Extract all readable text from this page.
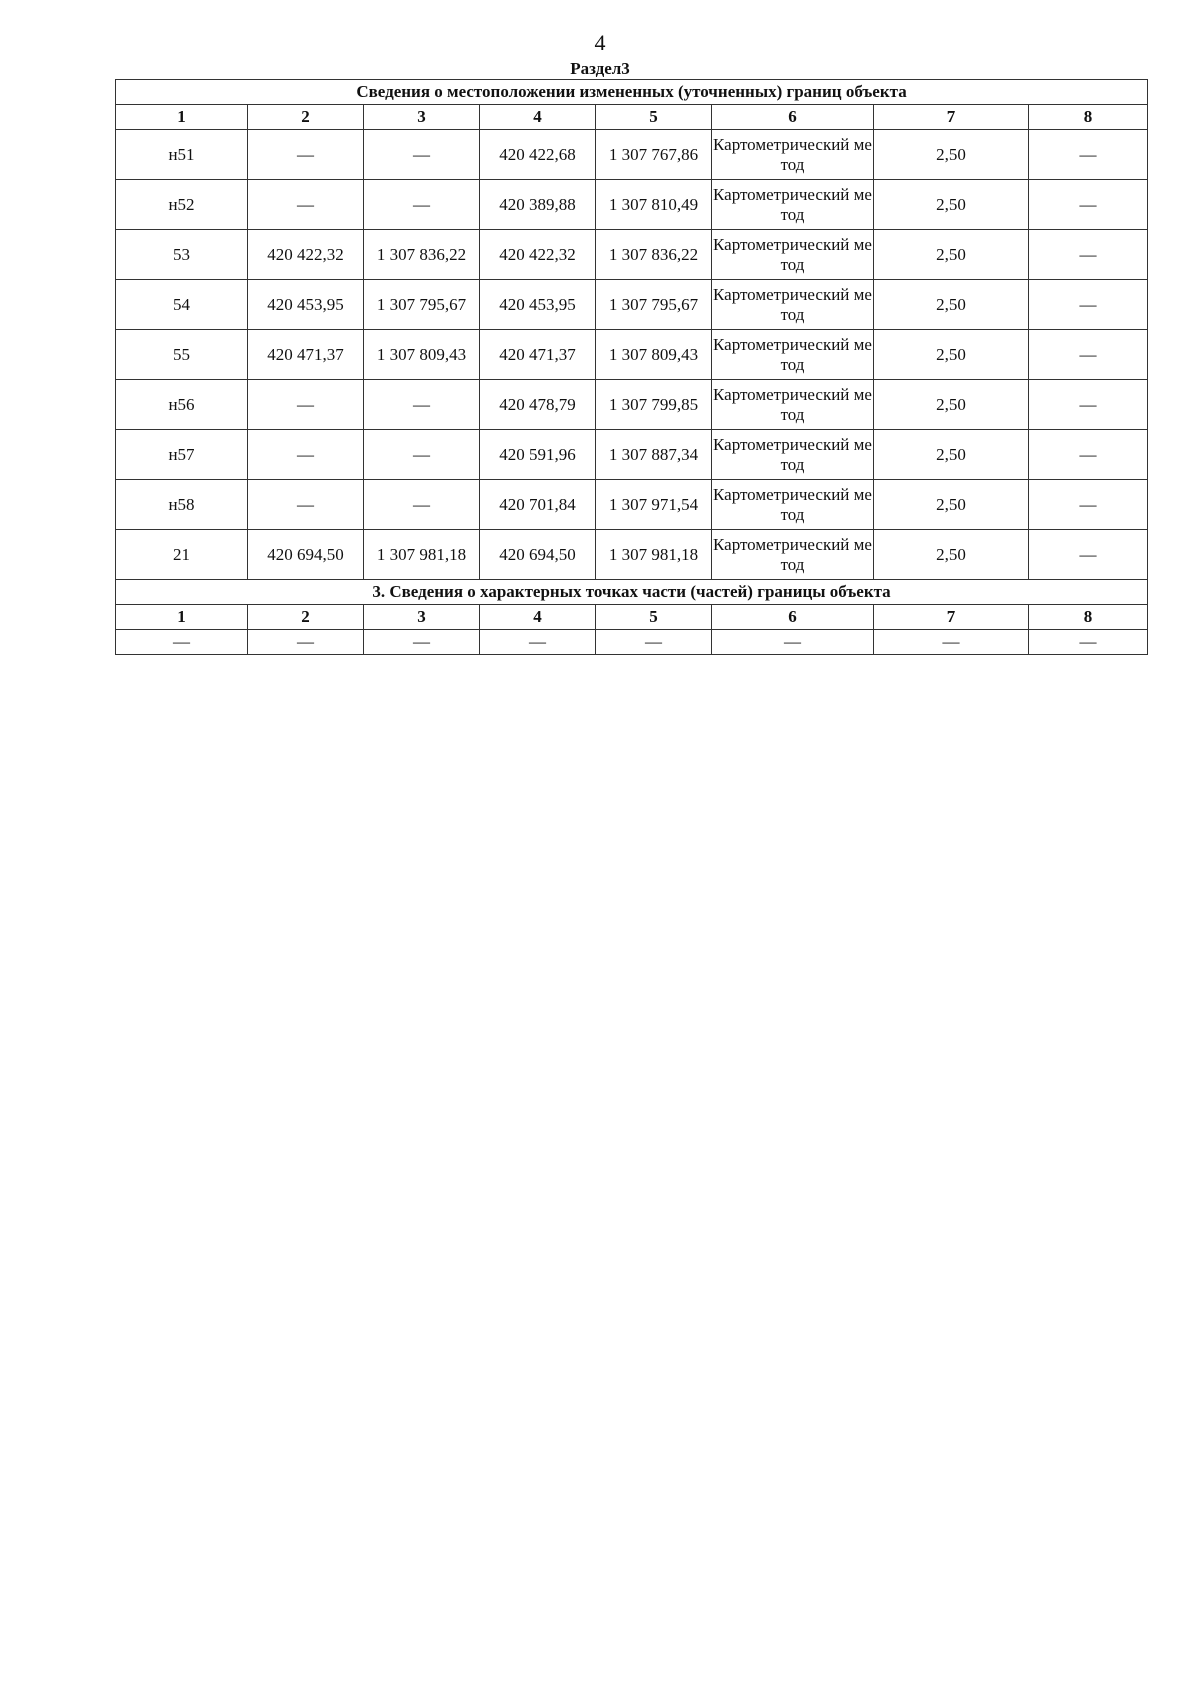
4
Раздел3
Сведения о местоположении измененных (уточненных) границ объекта							
1	2	3	4	5	6	7	8
н51	—	—	420 422,68	1 307 767,86	Картометрический метод	2,50	—
н52	—	—	420 389,88	1 307 810,49	Картометрический метод	2,50	—
53	420 422,32	1 307 836,22	420 422,32	1 307 836,22	Картометрический метод	2,50	—
54	420 453,95	1 307 795,67	420 453,95	1 307 795,67	Картометрический метод	2,50	—
55	420 471,37	1 307 809,43	420 471,37	1 307 809,43	Картометрический метод	2,50	—
н56	—	—	420 478,79	1 307 799,85	Картометрический метод	2,50	—
н57	—	—	420 591,96	1 307 887,34	Картометрический метод	2,50	—
н58	—	—	420 701,84	1 307 971,54	Картометрический метод	2,50	—
21	420 694,50	1 307 981,18	420 694,50	1 307 981,18	Картометрический метод	2,50	—
3. Сведения о характерных точках части (частей) границы объекта							
1	2	3	4	5	6	7	8
—	—	—	—	—	—	—	—
